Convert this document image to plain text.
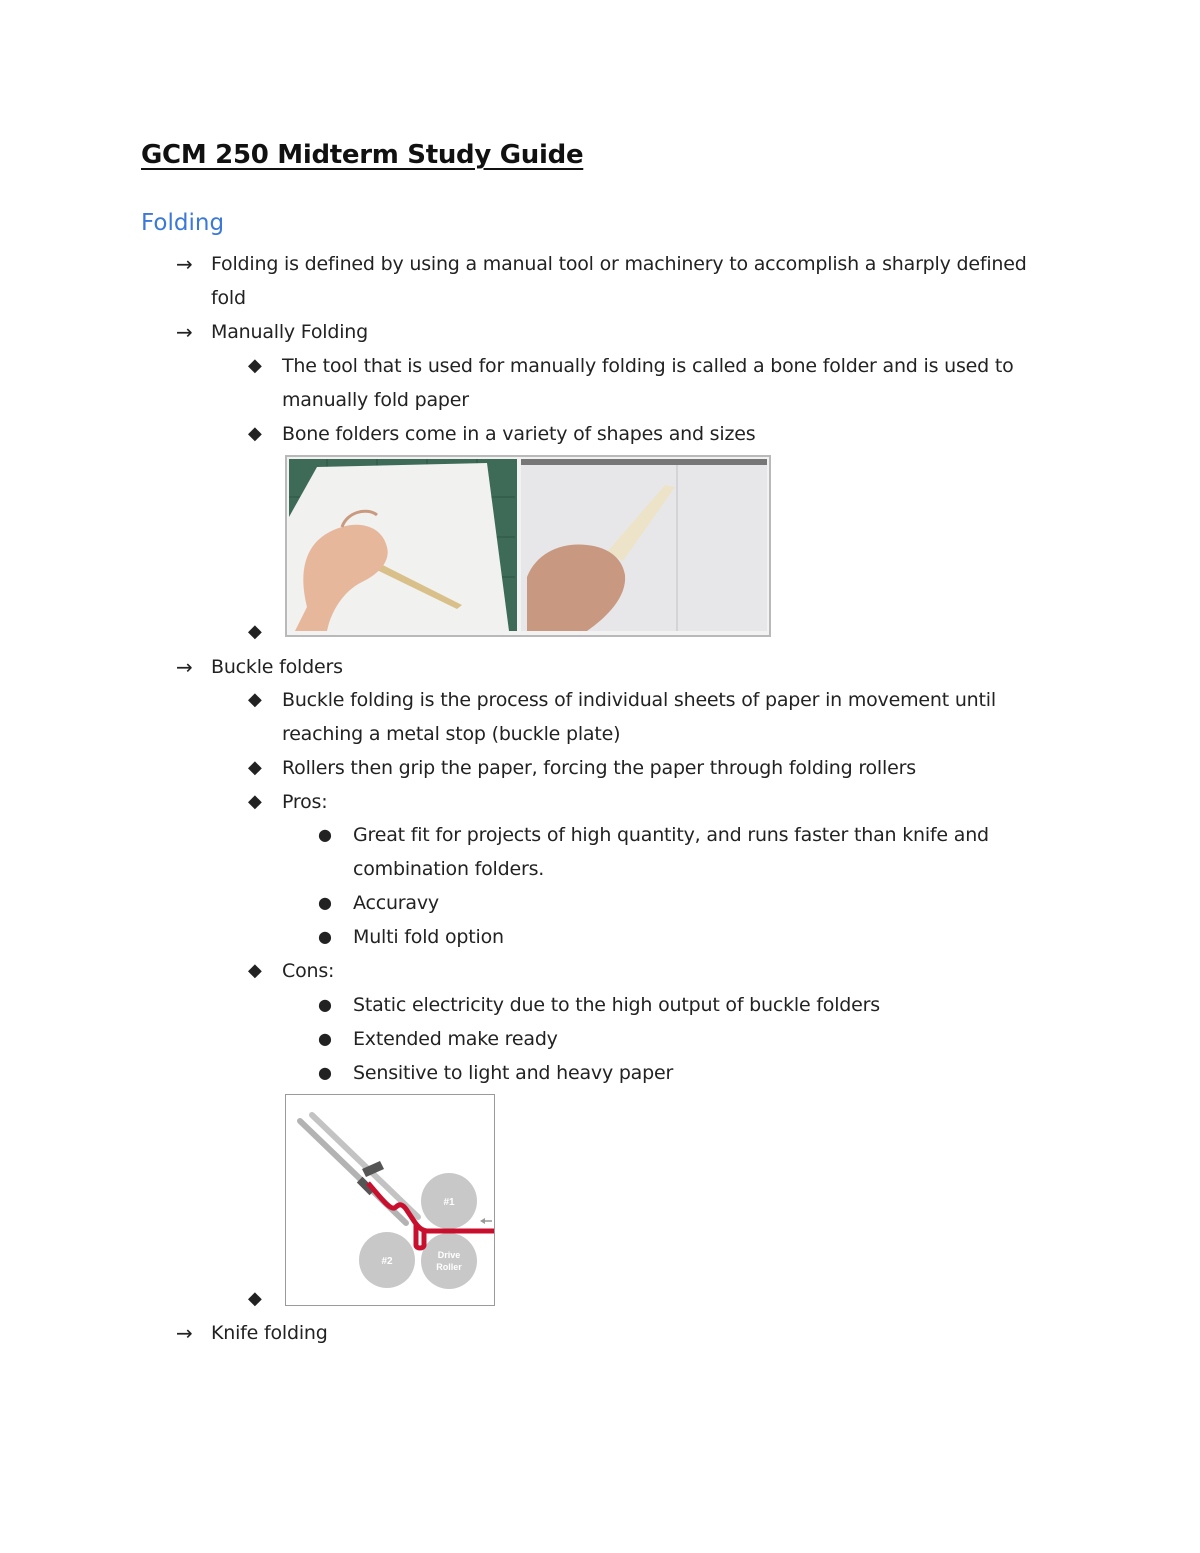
GCM 250 Midterm Study Guide
Folding
→ Folding is defined by using a manual tool or machinery to accomplish a sharply defined
fold
→ Manually Folding
◆ The tool that is used for manually folding is called a bone folder and is used to
manually fold paper
◆ Bone folders come in a variety of shapes and sizes
◆
→ Buckle folders
◆ Buckle folding is the process of individual sheets of paper in movement until
reaching a metal stop (buckle plate)
◆ Rollers then grip the paper, forcing the paper through folding rollers
◆ Pros:
● Great fit for projects of high quantity, and runs faster than knife and
combination folders.
● Accuravy
● Multi fold option
◆ Cons:
● Static electricity due to the high output of buckle folders
● Extended make ready
● Sensitive to light and heavy paper
#1
#2
Drive
Roller
◆
→ Knife folding
